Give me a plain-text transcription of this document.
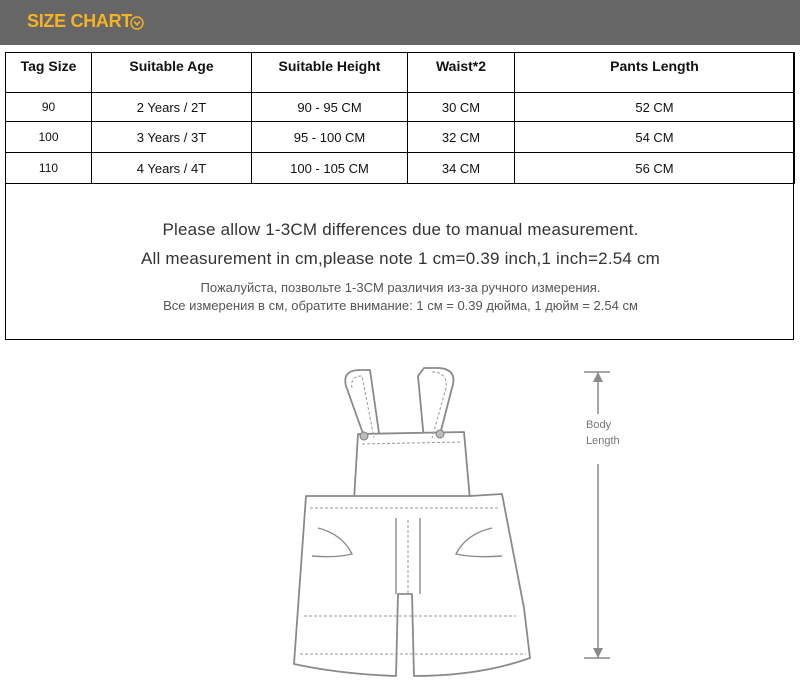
SIZE CHART
Tag Size	Suitable Age	Suitable Height	Waist*2	Pants Length
90	2 Years / 2T	90 - 95 CM	30 CM	52 CM
100	3 Years / 3T	95 - 100 CM	32 CM	54 CM
110	4 Years / 4T	100 - 105 CM	34 CM	56 CM
Please allow 1-3CM differences due to manual measurement.
All measurement in cm,please note 1 cm=0.39 inch,1 inch=2.54 cm
Пожалуйста, позвольте 1-3CM различия из-за ручного измерения.
Все измерения в см, обратите внимание: 1 см = 0.39 дюйма, 1 дюйм = 2.54 см
Body
Length
